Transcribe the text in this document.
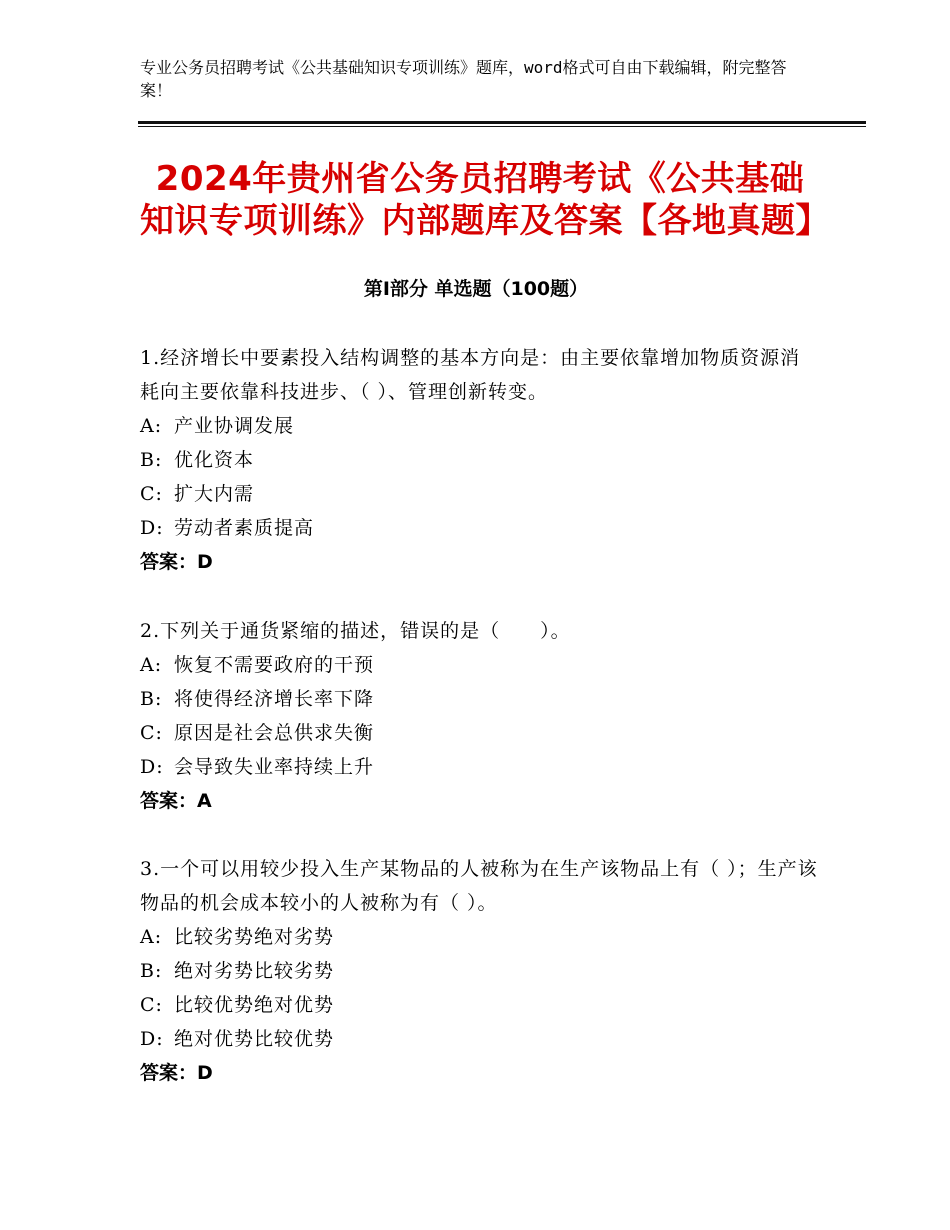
专业公务员招聘考试《公共基础知识专项训练》题库，word格式可自由下载编辑，附完整答案！
2024年贵州省公务员招聘考试《公共基础知识专项训练》内部题库及答案【各地真题】
第Ⅰ部分 单选题（100题）
1.经济增长中要素投入结构调整的基本方向是：由主要依靠增加物质资源消耗向主要依靠科技进步、（ ）、管理创新转变。
A: 产业协调发展
B: 优化资本
C: 扩大内需
D: 劳动者素质提高
答案：D
2.下列关于通货紧缩的描述，错误的是（　　）。
A: 恢复不需要政府的干预
B: 将使得经济增长率下降
C: 原因是社会总供求失衡
D: 会导致失业率持续上升
答案：A
3.一个可以用较少投入生产某物品的人被称为在生产该物品上有（ ）；生产该物品的机会成本较小的人被称为有（ ）。
A: 比较劣势绝对劣势
B: 绝对劣势比较劣势
C: 比较优势绝对优势
D: 绝对优势比较优势
答案：D
